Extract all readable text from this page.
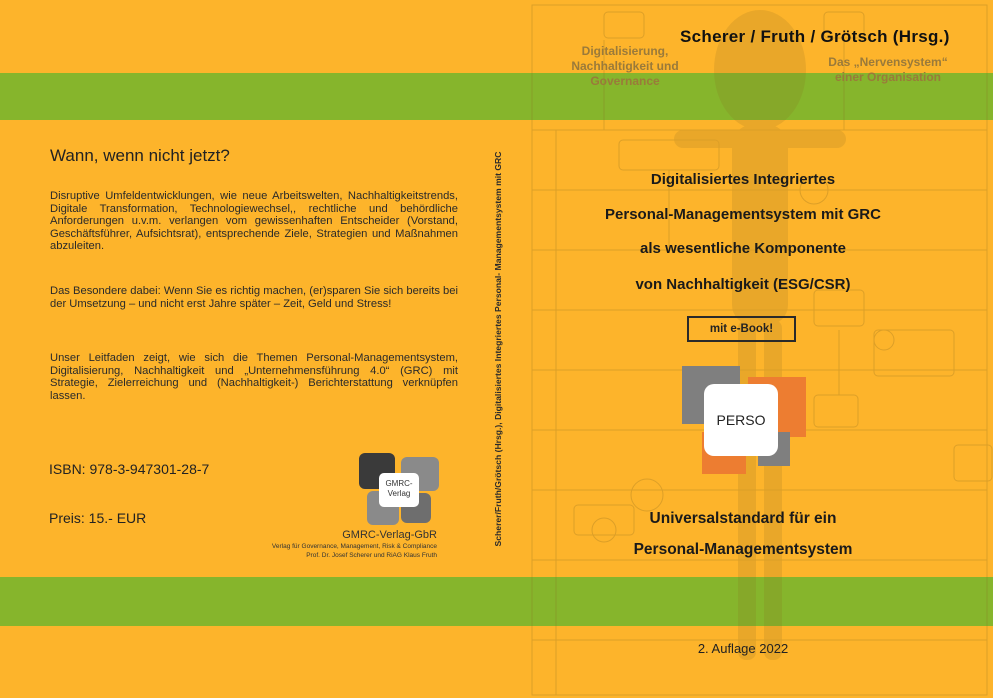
Digitalisierung, Nachhaltigkeit und Governance
Das „Nervensystem“ einer Organisation
Wann, wenn nicht jetzt?
Disruptive Umfeldentwicklungen, wie neue Arbeitswelten, Nachhaltigkeitstrends, Digitale Transformation, Technologiewechsel,, rechtliche und behördliche Anforderungen u.v.m. verlangen vom gewissenhaften Entscheider (Vorstand, Geschäftsführer, Aufsichtsrat), entsprechende Ziele, Strategien und Maßnahmen abzuleiten.
Das Besondere dabei: Wenn Sie es richtig machen, (er)sparen Sie sich bereits bei der Umsetzung – und nicht erst Jahre später – Zeit, Geld und Stress!
Unser Leitfaden zeigt, wie sich die Themen Personal-Managementsystem, Digitalisierung, Nachhaltigkeit und „Unternehmensführung 4.0“ (GRC) mit Strategie, Zielerreichung und (Nachhaltigkeit-) Berichterstattung verknüpfen lassen.
ISBN: 978-3-947301-28-7
Preis: 15.- EUR
GMRC-
Verlag
GMRC-Verlag-GbR
Verlag für Governance, Management, Risk & Compliance
Prof. Dr. Josef Scherer und RiAG Klaus Fruth
Scherer/Fruth/Grötsch (Hrsg.), Digitalisiertes Integriertes Personal- Managementsystem mit GRC
Scherer / Fruth / Grötsch (Hrsg.)
Digitalisiertes Integriertes
Personal-Managementsystem mit GRC
als wesentliche Komponente
von Nachhaltigkeit (ESG/CSR)
mit e-Book!
PERSO
Universalstandard für ein
Personal-Managementsystem
2. Auflage 2022
